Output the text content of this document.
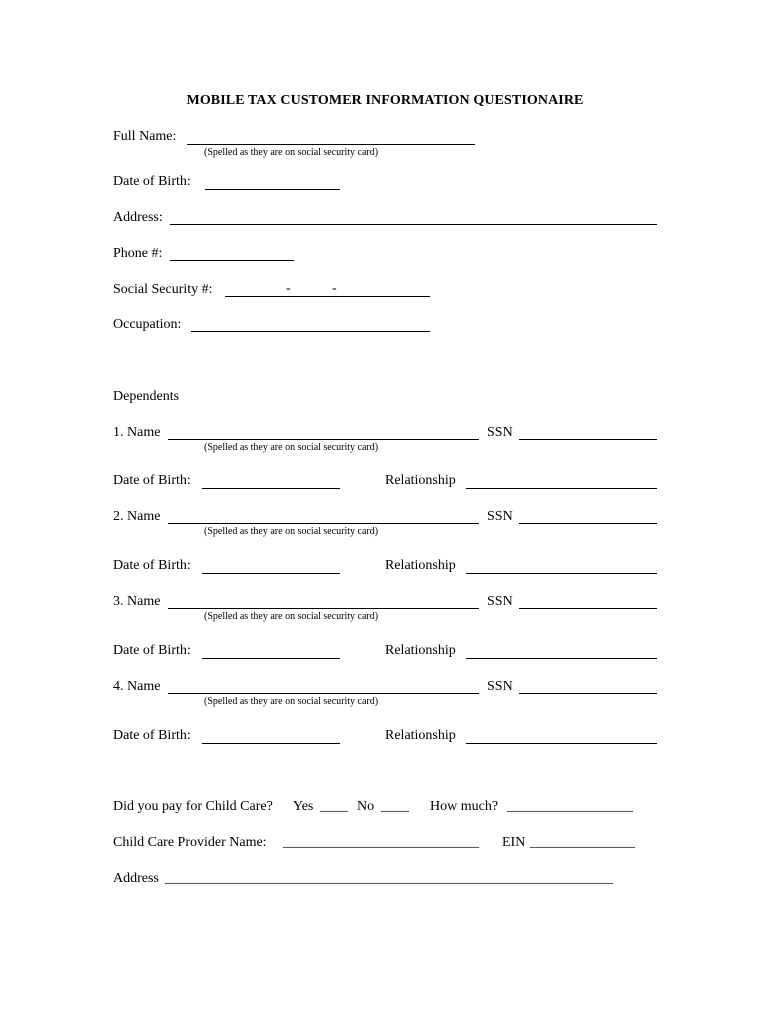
MOBILE TAX CUSTOMER INFORMATION QUESTIONAIRE
Full Name:
(Spelled as they are on social security card)
Date of Birth:
Address:
Phone #:
Social Security #:	-	-
Occupation:
Dependents
1. Name	SSN
(Spelled as they are on social security card)
Date of Birth:	Relationship
2. Name	SSN
(Spelled as they are on social security card)
Date of Birth:	Relationship
3. Name	SSN
(Spelled as they are on social security card)
Date of Birth:	Relationship
4. Name	SSN
(Spelled as they are on social security card)
Date of Birth:	Relationship
Did you pay for Child Care? Yes ____ No ____ How much? __________________
Child Care Provider Name: ____________________________ EIN _______________
Address ________________________________________________________________
